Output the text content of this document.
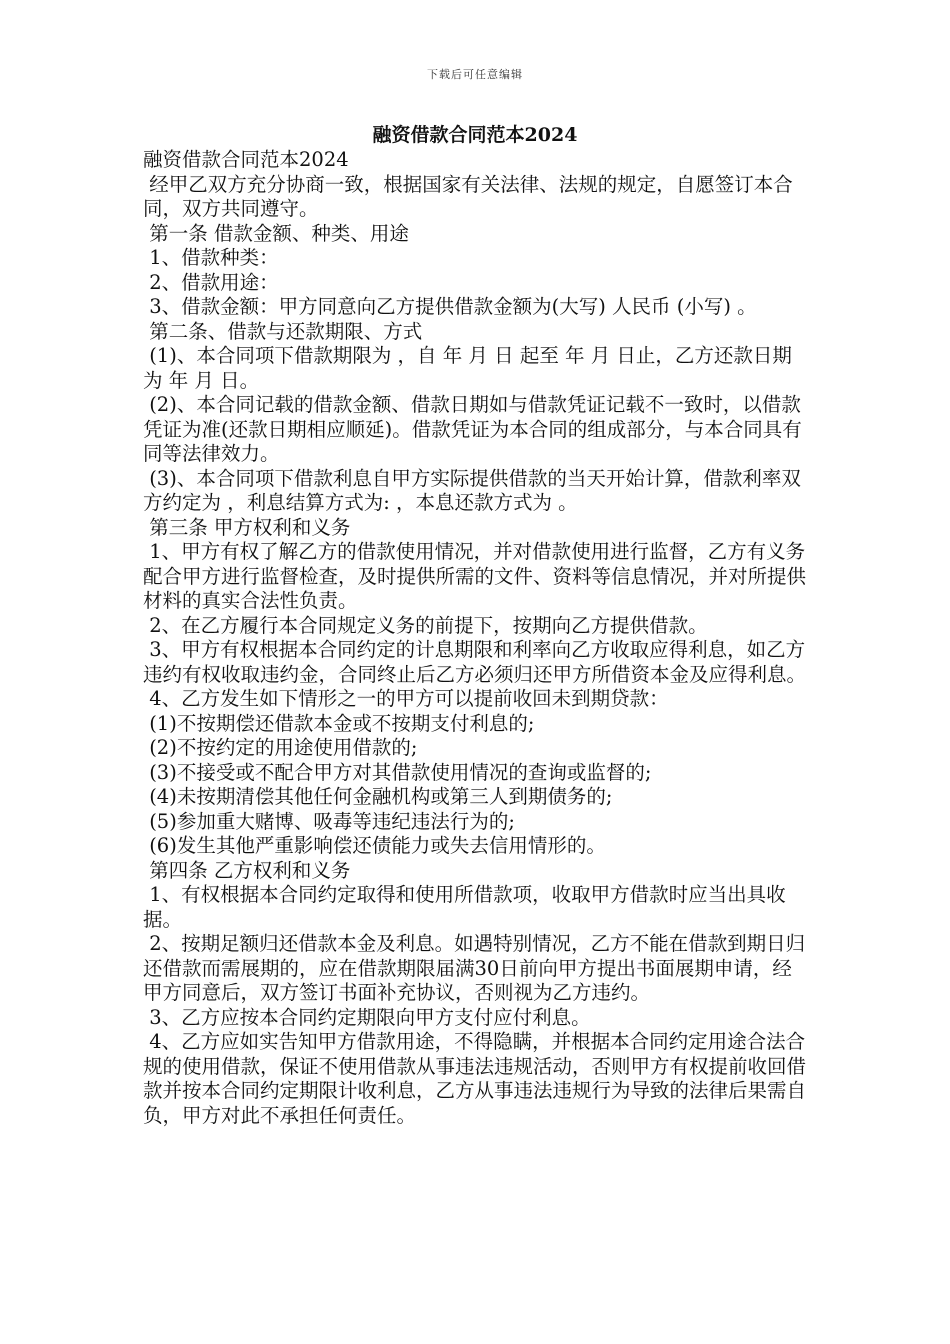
下载后可任意编辑
融资借款合同范本2024

融资借款合同范本2024

经甲乙双方充分协商一致，根据国家有关法律、法规的规定，自愿签订本合同，双方共同遵守。

第一条 借款金额、种类、用途

1、借款种类：

2、借款用途：

3、借款金额：甲方同意向乙方提供借款金额为(大写) 人民币 (小写) 。

第二条、借款与还款期限、方式

(1)、本合同项下借款期限为 ，自 年 月 日 起至 年 月 日止，乙方还款日期为 年 月 日。

(2)、本合同记载的借款金额、借款日期如与借款凭证记载不一致时，以借款凭证为准(还款日期相应顺延)。借款凭证为本合同的组成部分，与本合同具有同等法律效力。

(3)、本合同项下借款利息自甲方实际提供借款的当天开始计算，借款利率双方约定为 ，利息结算方式为: ，本息还款方式为 。

第三条 甲方权利和义务

1、甲方有权了解乙方的借款使用情况，并对借款使用进行监督，乙方有义务配合甲方进行监督检查，及时提供所需的文件、资料等信息情况，并对所提供材料的真实合法性负责。

2、在乙方履行本合同规定义务的前提下，按期向乙方提供借款。

3、甲方有权根据本合同约定的计息期限和利率向乙方收取应得利息，如乙方违约有权收取违约金，合同终止后乙方必须归还甲方所借资本金及应得利息。

4、乙方发生如下情形之一的甲方可以提前收回未到期贷款：

(1)不按期偿还借款本金或不按期支付利息的;

(2)不按约定的用途使用借款的;

(3)不接受或不配合甲方对其借款使用情况的查询或监督的;

(4)未按期清偿其他任何金融机构或第三人到期债务的;

(5)参加重大赌博、吸毒等违纪违法行为的;

(6)发生其他严重影响偿还债能力或失去信用情形的。

第四条 乙方权利和义务

1、有权根据本合同约定取得和使用所借款项，收取甲方借款时应当出具收据。

2、按期足额归还借款本金及利息。如遇特别情况，乙方不能在借款到期日归还借款而需展期的，应在借款期限届满30日前向甲方提出书面展期申请，经甲方同意后，双方签订书面补充协议，否则视为乙方违约。

3、乙方应按本合同约定期限向甲方支付应付利息。

4、乙方应如实告知甲方借款用途，不得隐瞒，并根据本合同约定用途合法合规的使用借款，保证不使用借款从事违法违规活动，否则甲方有权提前收回借款并按本合同约定期限计收利息，乙方从事违法违规行为导致的法律后果需自负，甲方对此不承担任何责任。
